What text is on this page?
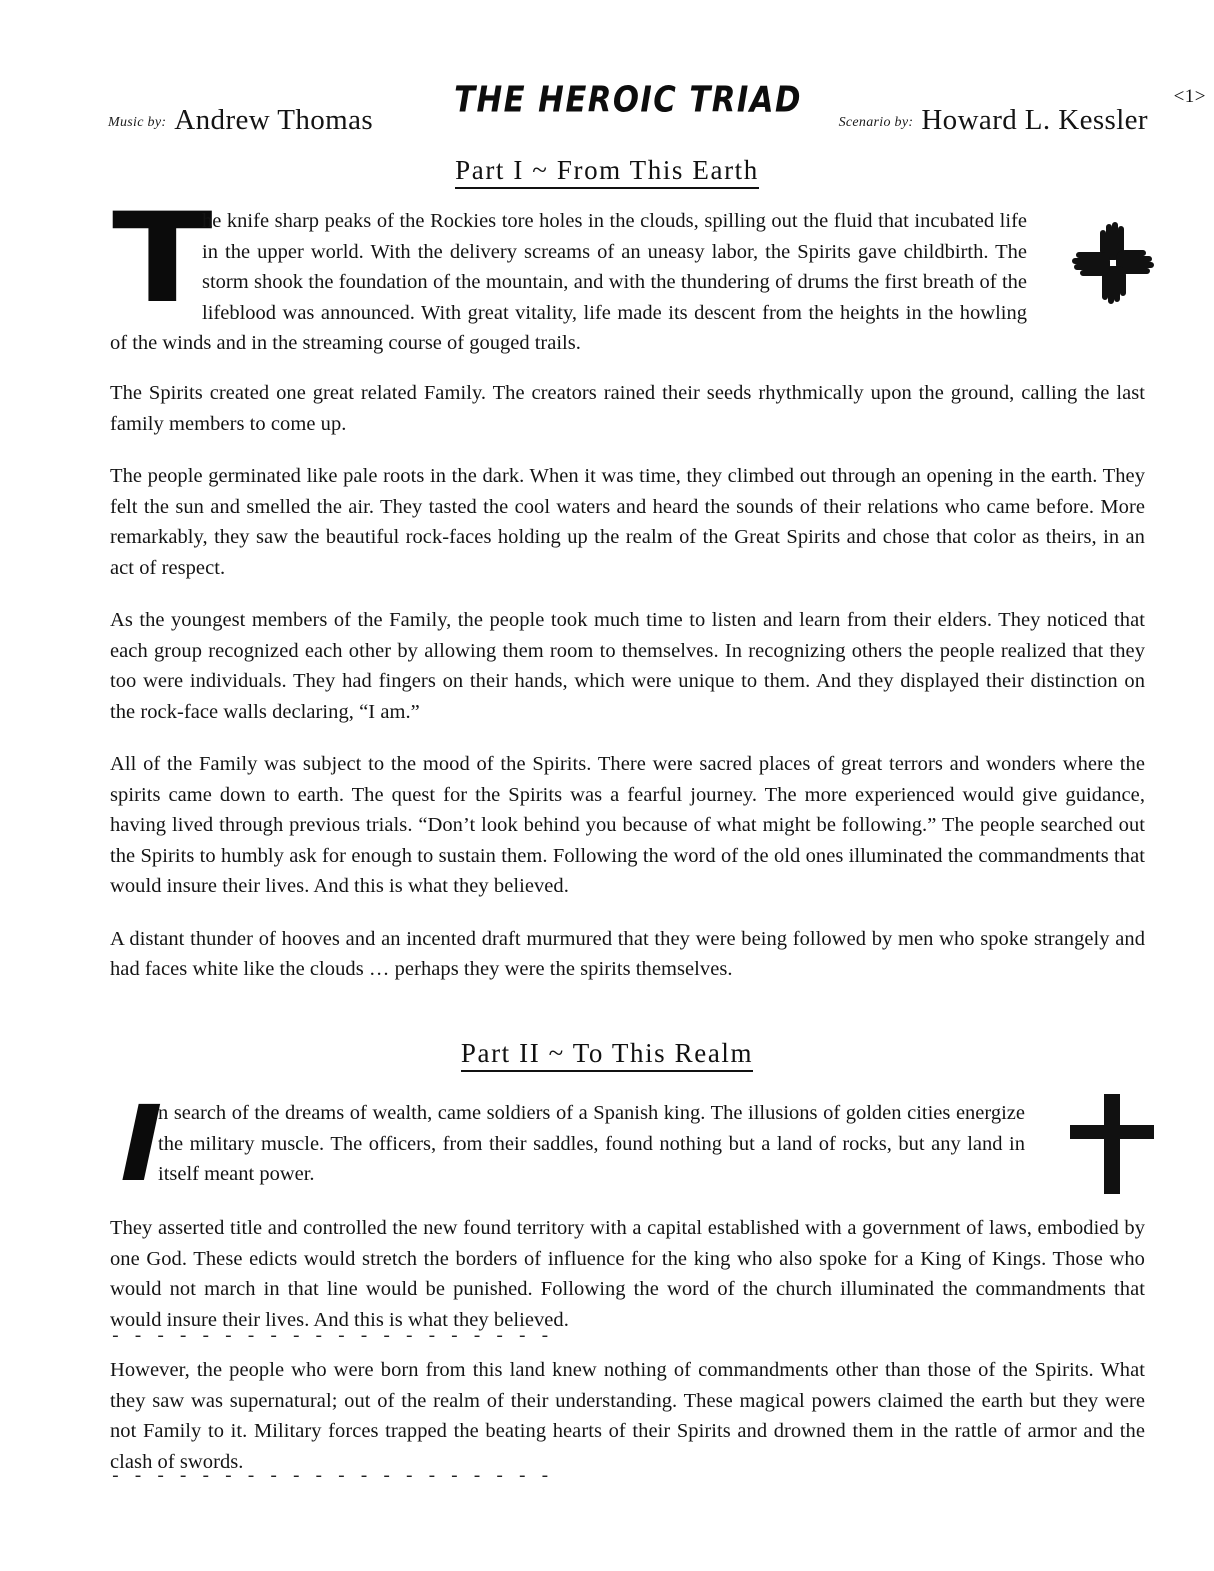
THE HEROIC TRIAD
Music by: Andrew Thomas	Scenario by: Howard L. Kessler
<1>
Part I ~ From This Earth
T

he knife sharp peaks of the Rockies tore holes in the clouds, spilling out the fluid that incubated life in the upper world. With the delivery screams of an uneasy labor, the Spirits gave childbirth. The storm shook the foundation of the mountain, and with the thundering of drums the first breath of the lifeblood was announced. With great vitality, life made its descent from the heights in the howling of the winds and in the streaming course of gouged trails.

The Spirits created one great related Family. The creators rained their seeds rhythmically upon the ground, calling the last family members to come up.

The people germinated like pale roots in the dark. When it was time, they climbed out through an opening in the earth. They felt the sun and smelled the air. They tasted the cool waters and heard the sounds of their relations who came before. More remarkably, they saw the beautiful rock-faces holding up the realm of the Great Spirits and chose that color as theirs, in an act of respect.

As the youngest members of the Family, the people took much time to listen and learn from their elders. They noticed that each group recognized each other by allowing them room to themselves. In recognizing others the people realized that they too were individuals. They had fingers on their hands, which were unique to them. And they displayed their distinction on the rock-face walls declaring, “I am.”

All of the Family was subject to the mood of the Spirits. There were sacred places of great terrors and wonders where the spirits came down to earth. The quest for the Spirits was a fearful journey. The more experienced would give guidance, having lived through previous trials. “Don’t look behind you because of what might be following.” The people searched out the Spirits to humbly ask for enough to sustain them. Following the word of the old ones illuminated the commandments that would insure their lives. And this is what they believed.

A distant thunder of hooves and an incented draft murmured that they were being followed by men who spoke strangely and had faces white like the clouds … perhaps they were the spirits themselves.

Part II ~ To This Realm
I

n search of the dreams of wealth, came soldiers of a Spanish king. The illusions of golden cities energize the military muscle. The officers, from their saddles, found nothing but a land of rocks, but any land in itself meant power.

They asserted title and controlled the new found territory with a capital established with a government of laws, embodied by one God. These edicts would stretch the borders of influence for the king who also spoke for a King of Kings. Those who would not march in that line would be punished. Following the word of the church illuminated the commandments that would insure their lives. And this is what they believed.

- - - - - - - - - - - - - - - - - - - -

However, the people who were born from this land knew nothing of commandments other than those of the Spirits. What they saw was supernatural; out of the realm of their understanding. These magical powers claimed the earth but they were not Family to it. Military forces trapped the beating hearts of their Spirits and drowned them in the rattle of armor and the clash of swords.

- - - - - - - - - - - - - - - - - - - -
